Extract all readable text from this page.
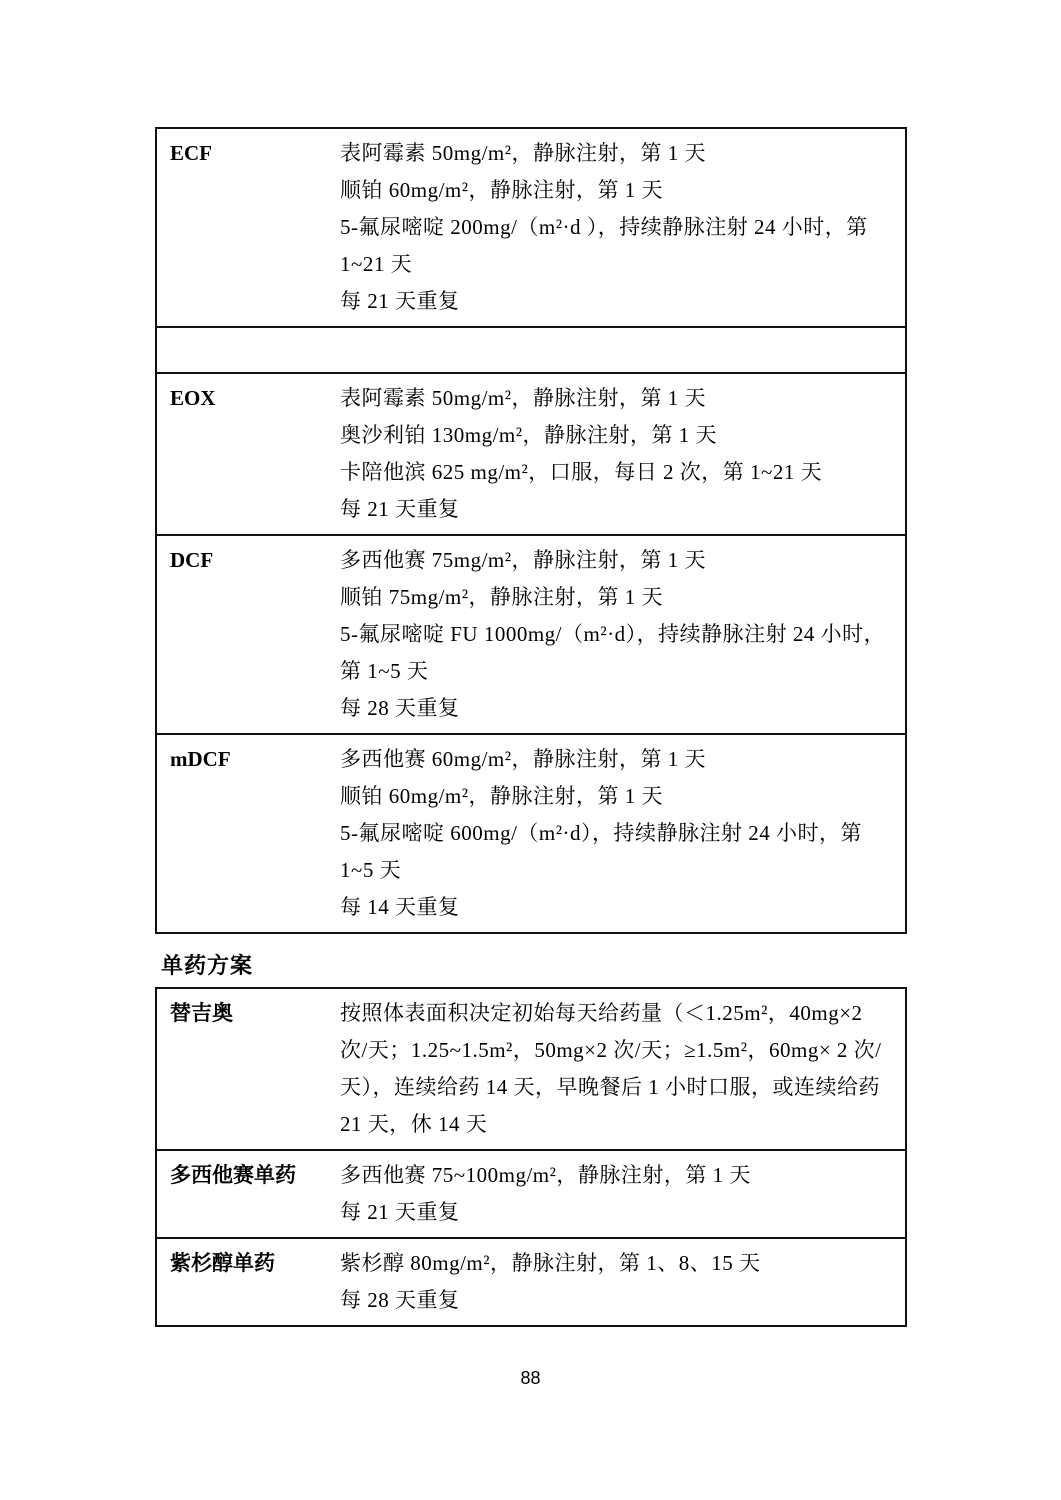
ECF	表阿霉素 50mg/m²，静脉注射，第 1 天
顺铂 60mg/m²，静脉注射，第 1 天
5-氟尿嘧啶 200mg/（m²·d ），持续静脉注射 24 小时，第 1~21 天
每 21 天重复
EOX	表阿霉素 50mg/m²，静脉注射，第 1 天
奥沙利铂 130mg/m²，静脉注射，第 1 天
卡陪他滨 625 mg/m²，口服，每日 2 次，第 1~21 天
每 21 天重复
DCF	多西他赛 75mg/m²，静脉注射，第 1 天
顺铂 75mg/m²，静脉注射，第 1 天
5-氟尿嘧啶 FU 1000mg/（m²·d），持续静脉注射 24 小时，第 1~5 天
每 28 天重复
mDCF	多西他赛 60mg/m²，静脉注射，第 1 天
顺铂 60mg/m²，静脉注射，第 1 天
5-氟尿嘧啶 600mg/（m²·d），持续静脉注射 24 小时，第 1~5 天
每 14 天重复
单药方案
替吉奥	按照体表面积决定初始每天给药量（＜1.25m²，40mg×2 次/天；1.25~1.5m²，50mg×2 次/天；≥1.5m²，60mg× 2 次/天），连续给药 14 天，早晚餐后 1 小时口服，或连续给药 21 天，休 14 天
多西他赛单药	多西他赛 75~100mg/m²，静脉注射，第 1 天
每 21 天重复
紫杉醇单药	紫杉醇 80mg/m²，静脉注射，第 1、8、15 天
每 28 天重复
88
